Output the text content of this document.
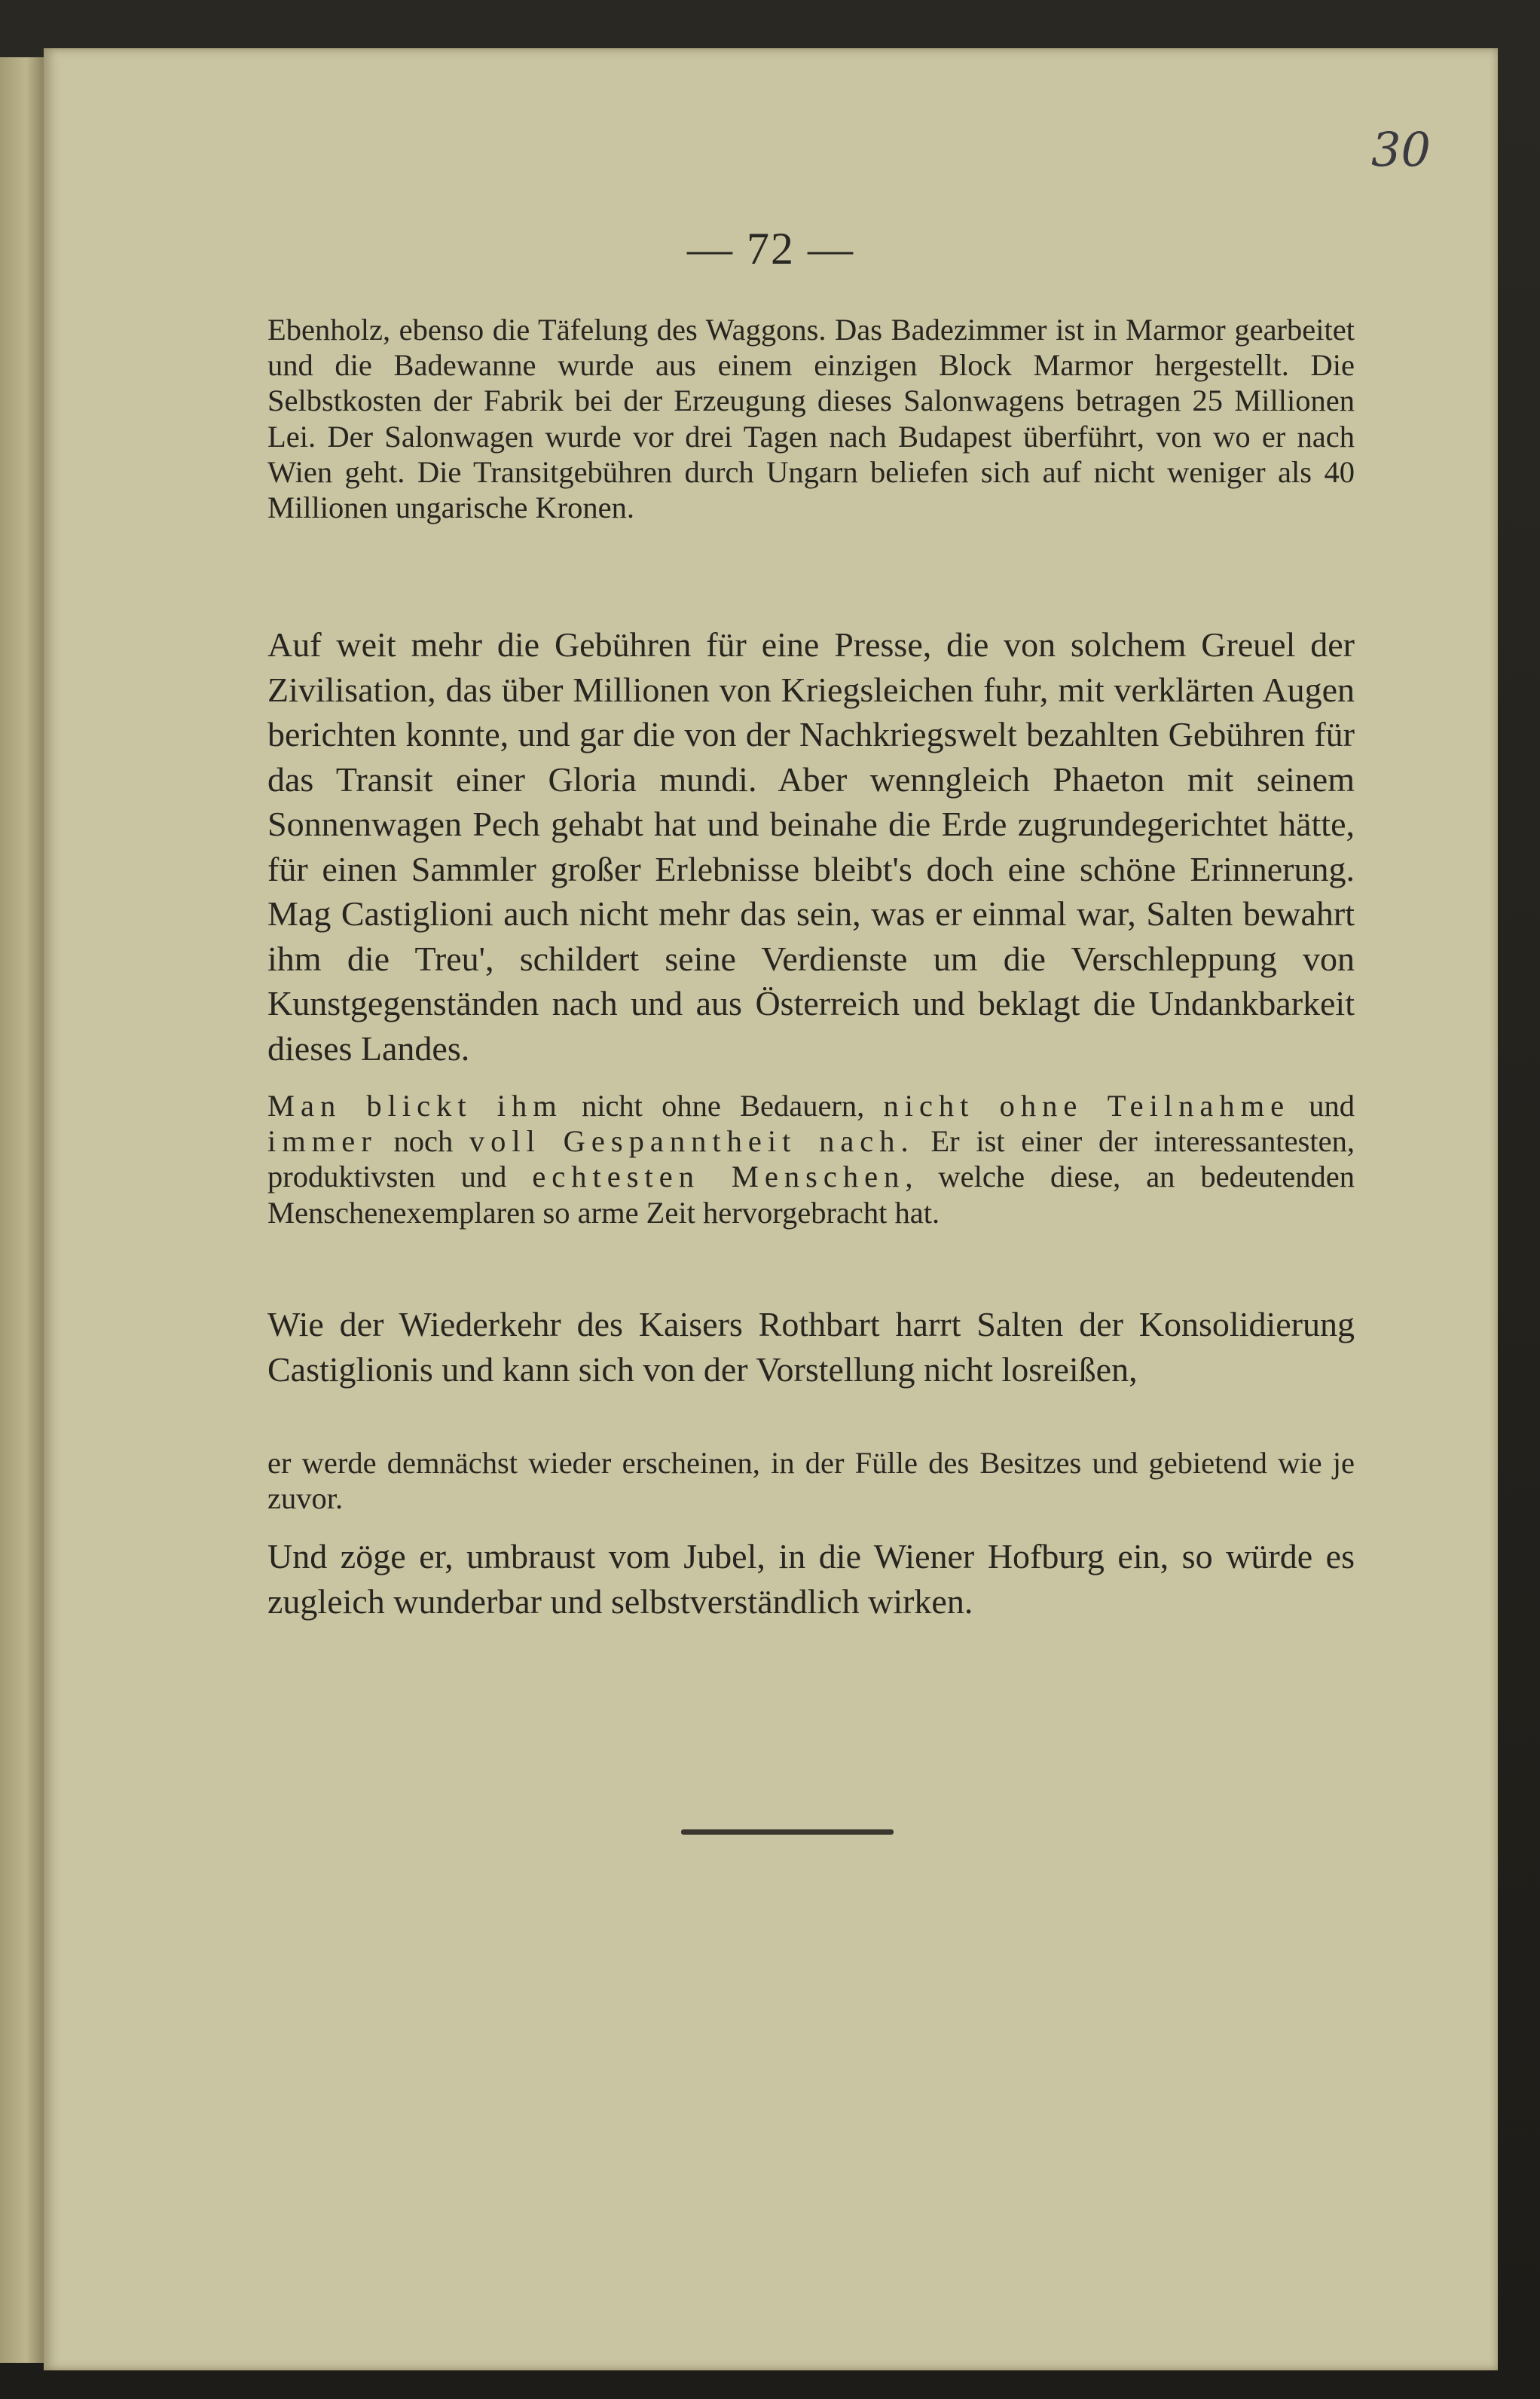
30
— 72 —

Ebenholz, ebenso die Täfelung des Waggons. Das Badezimmer ist in Marmor gearbeitet und die Badewanne wurde aus einem einzigen Block Marmor hergestellt. Die Selbstkosten der Fabrik bei der Erzeugung dieses Salonwagens betragen 25 Millionen Lei. Der Salonwagen wurde vor drei Tagen nach Budapest überführt, von wo er nach Wien geht. Die Transitgebühren durch Ungarn beliefen sich auf nicht weniger als 40 Millionen ungarische Kronen.

Auf weit mehr die Gebühren für eine Presse, die von solchem Greuel der Zivilisation, das über Millionen von Kriegsleichen fuhr, mit verklärten Augen berichten konnte, und gar die von der Nachkriegswelt bezahlten Gebühren für das Transit einer Gloria mundi. Aber wenngleich Phaeton mit seinem Sonnenwagen Pech gehabt hat und beinahe die Erde zugrundegerichtet hätte, für einen Sammler großer Erlebnisse bleibt's doch eine schöne Erinnerung. Mag Castiglioni auch nicht mehr das sein, was er einmal war, Salten bewahrt ihm die Treu', schildert seine Verdienste um die Verschleppung von Kunstgegenständen nach und aus Österreich und beklagt die Undankbarkeit dieses Landes.

Man blickt ihm nicht ohne Bedauern, nicht ohne Teilnahme und immer noch voll Gespanntheit nach. Er ist einer der interessantesten, produktivsten und echtesten Menschen, welche diese, an bedeutenden Menschenexemplaren so arme Zeit hervorgebracht hat.

Wie der Wiederkehr des Kaisers Rothbart harrt Salten der Konsolidierung Castiglionis und kann sich von der Vorstellung nicht losreißen,

er werde demnächst wieder erscheinen, in der Fülle des Besitzes und gebietend wie je zuvor.

Und zöge er, umbraust vom Jubel, in die Wiener Hofburg ein, so würde es zugleich wunderbar und selbstverständlich wirken.
